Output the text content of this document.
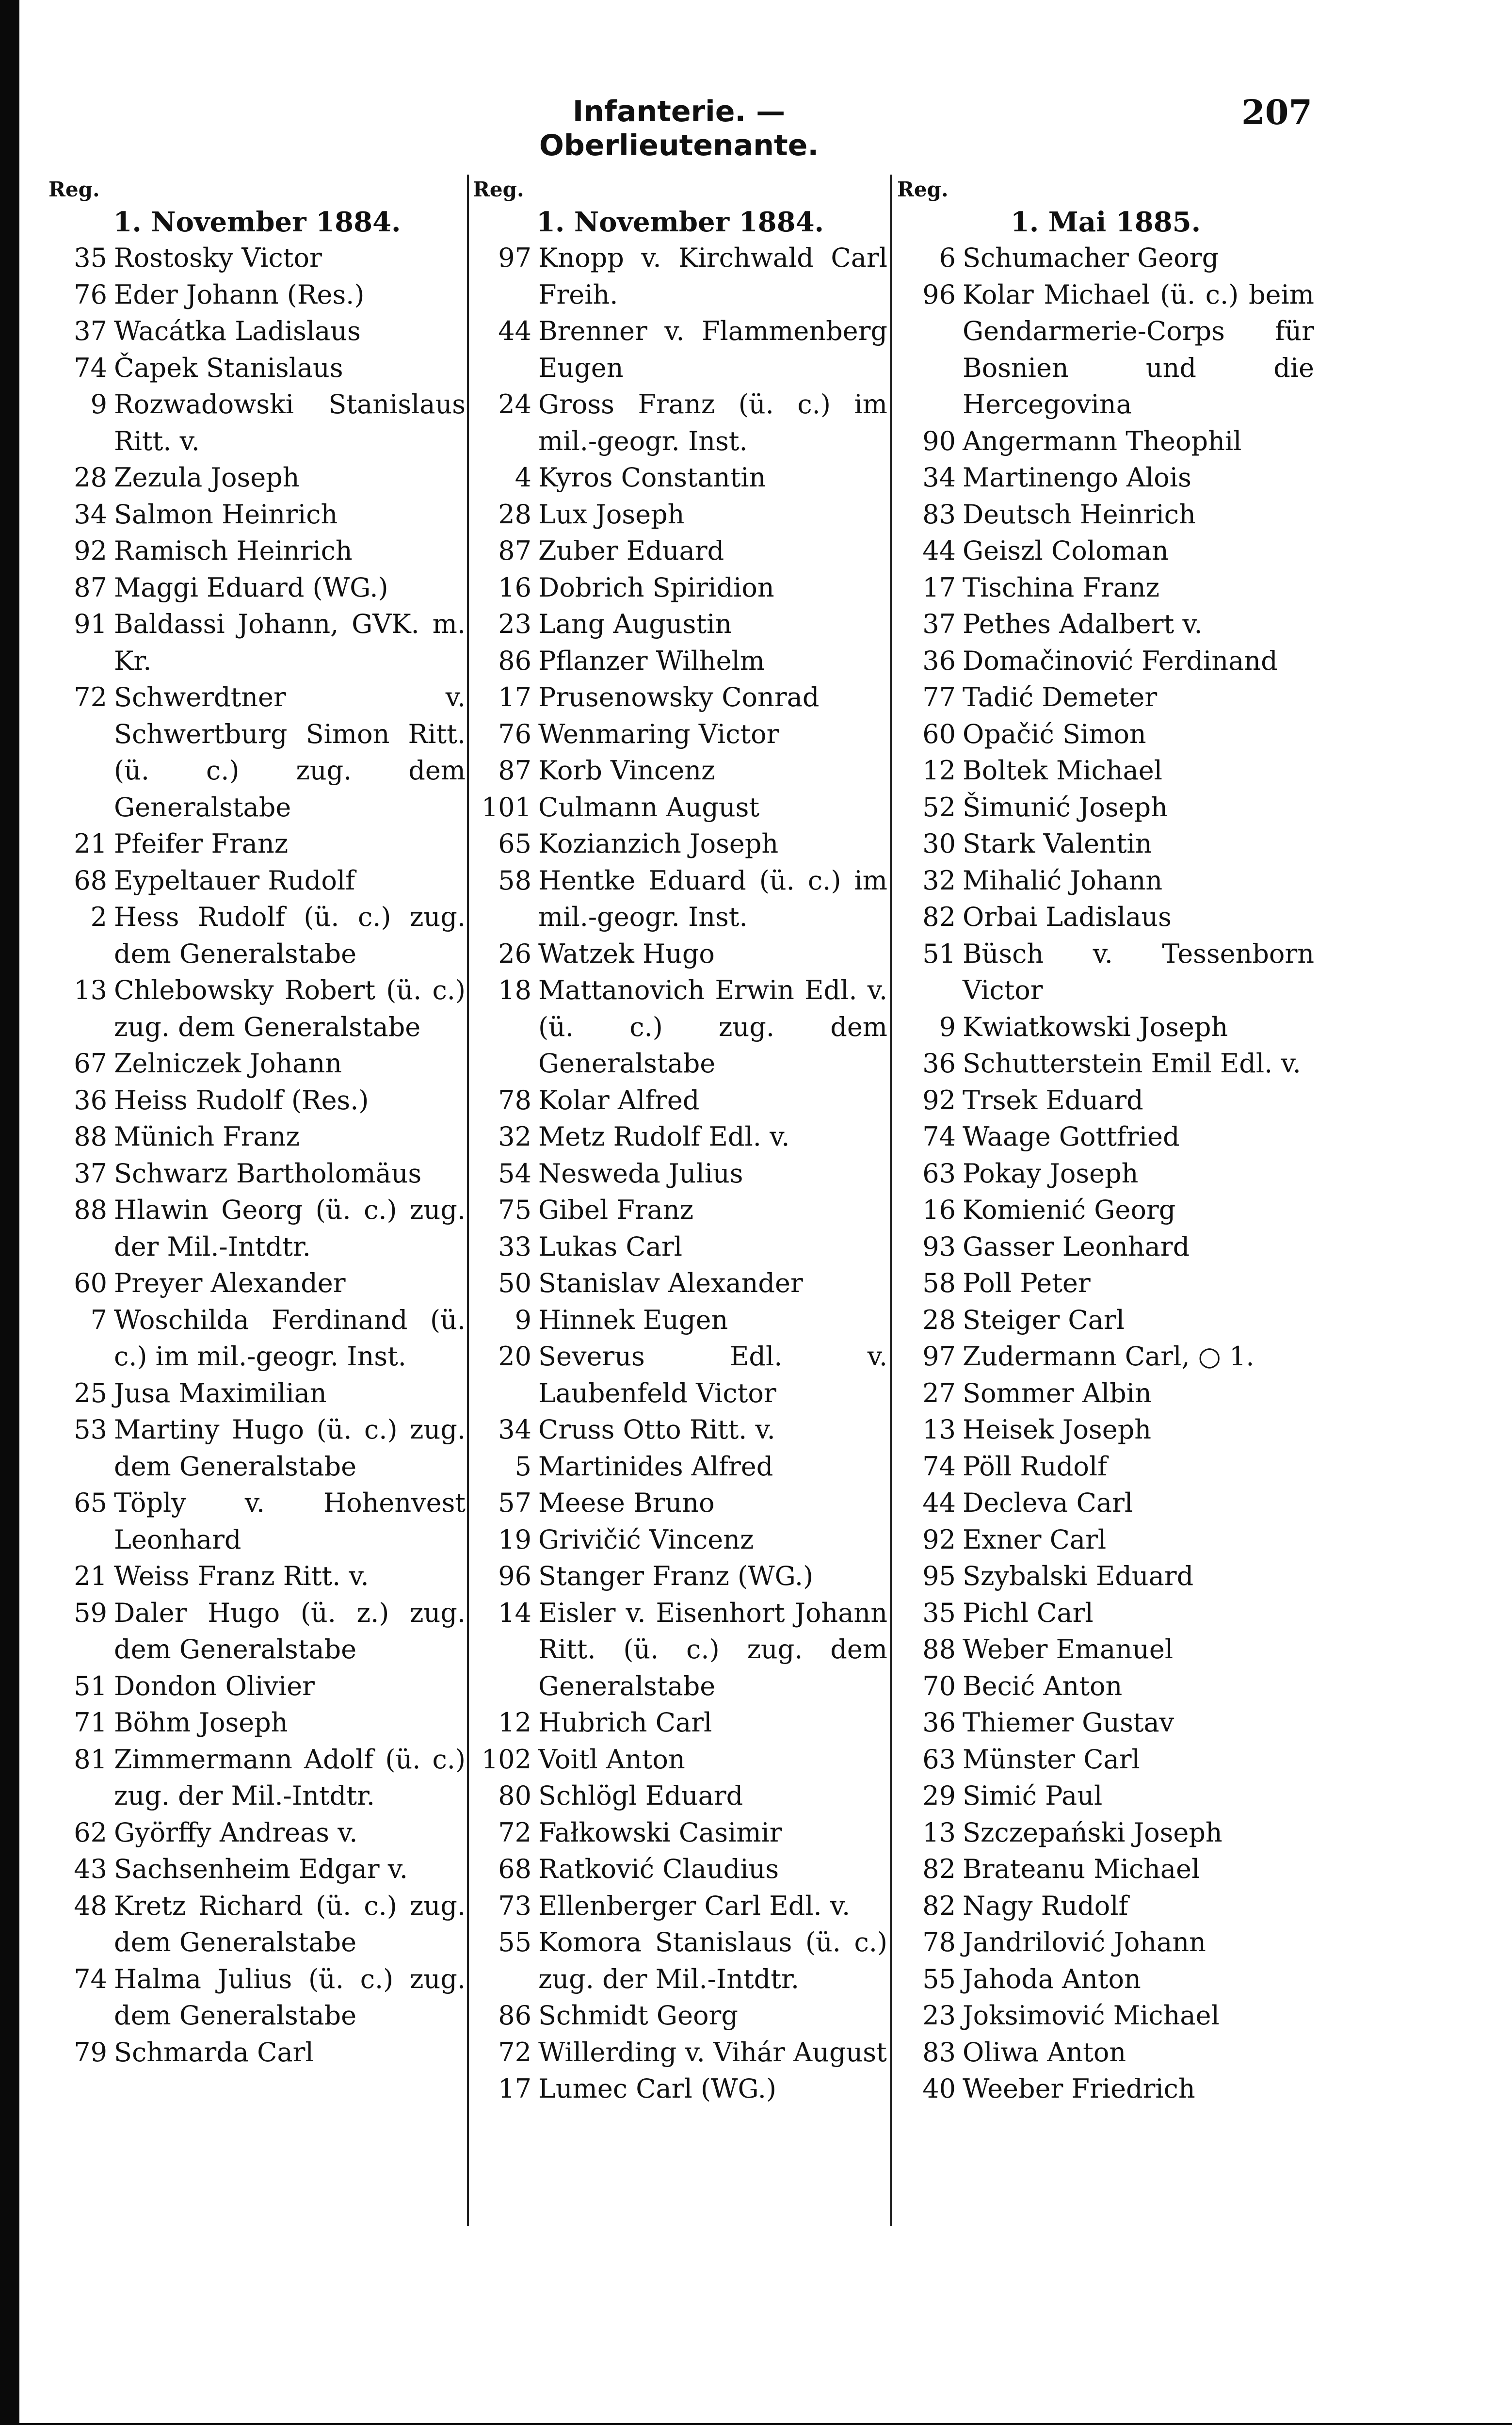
Infanterie. — Oberlieutenante.
207
Reg.
1. November 1884.
35 Rostosky Victor
76 Eder Johann (Res.)
37 Wacátka Ladislaus
74 Čapek Stanislaus
9 Rozwadowski Stanislaus Ritt. v.
28 Zezula Joseph
34 Salmon Heinrich
92 Ramisch Heinrich
87 Maggi Eduard (WG.)
91 Baldassi Johann, GVK. m. Kr.
72 Schwerdtner v. Schwertburg Simon Ritt. (ü. c.) zug. dem Generalstabe
21 Pfeifer Franz
68 Eypeltauer Rudolf
2 Hess Rudolf (ü. c.) zug. dem Generalstabe
13 Chlebowsky Robert (ü. c.) zug. dem Generalstabe
67 Zelniczek Johann
36 Heiss Rudolf (Res.)
88 Münich Franz
37 Schwarz Bartholomäus
88 Hlawin Georg (ü. c.) zug. der Mil.-Intdtr.
60 Preyer Alexander
7 Woschilda Ferdinand (ü. c.) im mil.-geogr. Inst.
25 Jusa Maximilian
53 Martiny Hugo (ü. c.) zug. dem Generalstabe
65 Töply v. Hohenvest Leonhard
21 Weiss Franz Ritt. v.
59 Daler Hugo (ü. z.) zug. dem Generalstabe
51 Dondon Olivier
71 Böhm Joseph
81 Zimmermann Adolf (ü. c.) zug. der Mil.-Intdtr.
62 Györffy Andreas v.
43 Sachsenheim Edgar v.
48 Kretz Richard (ü. c.) zug. dem Generalstabe
74 Halma Julius (ü. c.) zug. dem Generalstabe
79 Schmarda Carl
Reg.
1. November 1884.
97 Knopp v. Kirchwald Carl Freih.
44 Brenner v. Flammenberg Eugen
24 Gross Franz (ü. c.) im mil.-geogr. Inst.
4 Kyros Constantin
28 Lux Joseph
87 Zuber Eduard
16 Dobrich Spiridion
23 Lang Augustin
86 Pflanzer Wilhelm
17 Prusenowsky Conrad
76 Wenmaring Victor
87 Korb Vincenz
101 Culmann August
65 Kozianzich Joseph
58 Hentke Eduard (ü. c.) im mil.-geogr. Inst.
26 Watzek Hugo
18 Mattanovich Erwin Edl. v. (ü. c.) zug. dem Generalstabe
78 Kolar Alfred
32 Metz Rudolf Edl. v.
54 Nesweda Julius
75 Gibel Franz
33 Lukas Carl
50 Stanislav Alexander
9 Hinnek Eugen
20 Severus Edl. v. Laubenfeld Victor
34 Cruss Otto Ritt. v.
5 Martinides Alfred
57 Meese Bruno
19 Grivičić Vincenz
96 Stanger Franz (WG.)
14 Eisler v. Eisenhort Johann Ritt. (ü. c.) zug. dem Generalstabe
12 Hubrich Carl
102 Voitl Anton
80 Schlögl Eduard
72 Fałkowski Casimir
68 Ratković Claudius
73 Ellenberger Carl Edl. v.
55 Komora Stanislaus (ü. c.) zug. der Mil.-Intdtr.
86 Schmidt Georg
72 Willerding v. Vihár August
17 Lumec Carl (WG.)
Reg.
1. Mai 1885.
6 Schumacher Georg
96 Kolar Michael (ü. c.) beim Gendarmerie-Corps für Bosnien und die Hercegovina
90 Angermann Theophil
34 Martinengo Alois
83 Deutsch Heinrich
44 Geiszl Coloman
17 Tischina Franz
37 Pethes Adalbert v.
36 Domačinović Ferdinand
77 Tadić Demeter
60 Opačić Simon
12 Boltek Michael
52 Šimunić Joseph
30 Stark Valentin
32 Mihalić Johann
82 Orbai Ladislaus
51 Büsch v. Tessenborn Victor
9 Kwiatkowski Joseph
36 Schutterstein Emil Edl. v.
92 Trsek Eduard
74 Waage Gottfried
63 Pokay Joseph
16 Komienić Georg
93 Gasser Leonhard
58 Poll Peter
28 Steiger Carl
97 Zudermann Carl, ○ 1.
27 Sommer Albin
13 Heisek Joseph
74 Pöll Rudolf
44 Decleva Carl
92 Exner Carl
95 Szybalski Eduard
35 Pichl Carl
88 Weber Emanuel
70 Becić Anton
36 Thiemer Gustav
63 Münster Carl
29 Simić Paul
13 Szczepański Joseph
82 Brateanu Michael
82 Nagy Rudolf
78 Jandrilović Johann
55 Jahoda Anton
23 Joksimović Michael
83 Oliwa Anton
40 Weeber Friedrich
